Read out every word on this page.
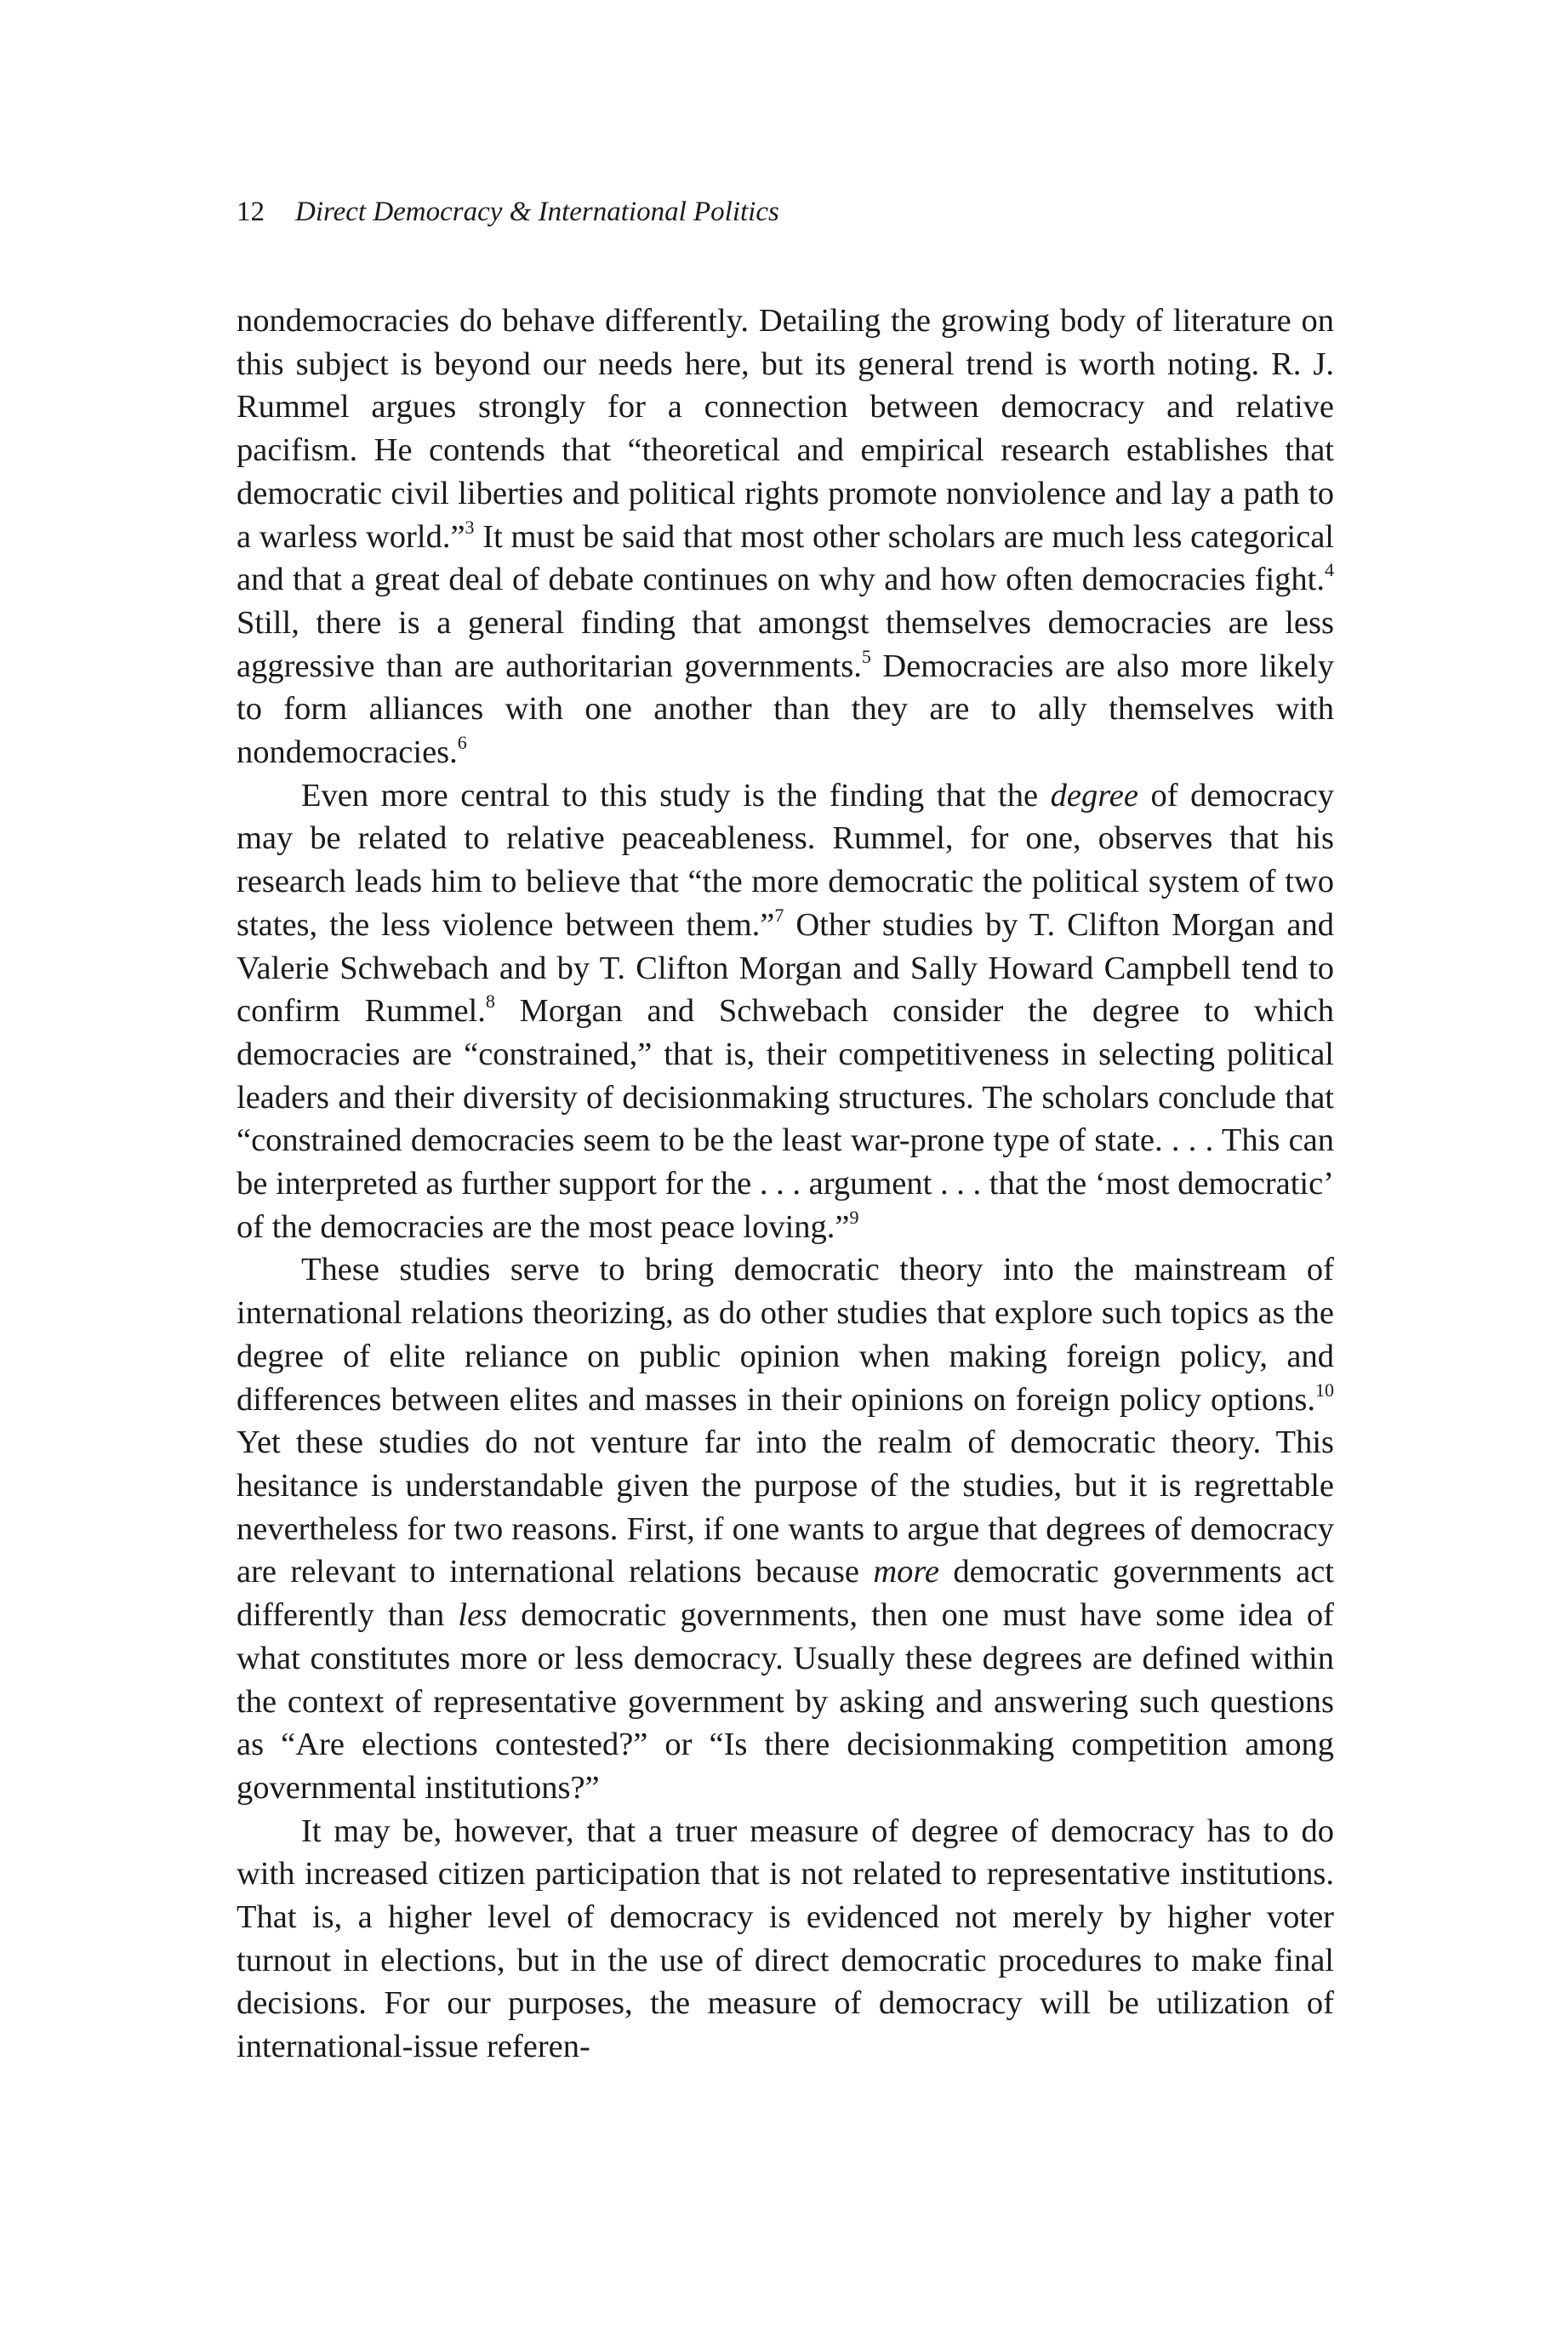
12 Direct Democracy & International Politics

nondemocracies do behave differently. Detailing the growing body of literature on this subject is beyond our needs here, but its general trend is worth noting. R. J. Rummel argues strongly for a connection between democracy and relative pacifism. He contends that “theoretical and empirical research establishes that democratic civil liberties and political rights promote nonviolence and lay a path to a warless world.”$^3$ It must be said that most other scholars are much less categorical and that a great deal of debate continues on why and how often democracies fight.$^4$ Still, there is a general finding that amongst themselves democracies are less aggressive than are authoritarian governments.$^5$ Democracies are also more likely to form alliances with one another than they are to ally themselves with nondemocracies.$^6$

Even more central to this study is the finding that the degree of democracy may be related to relative peaceableness. Rummel, for one, observes that his research leads him to believe that “the more democratic the political system of two states, the less violence between them.”$^7$ Other studies by T. Clifton Morgan and Valerie Schwebach and by T. Clifton Morgan and Sally Howard Campbell tend to confirm Rummel.$^8$ Morgan and Schwebach consider the degree to which democracies are “constrained,” that is, their competitiveness in selecting political leaders and their diversity of decisionmaking structures. The scholars conclude that “constrained democracies seem to be the least war-prone type of state. . . . This can be interpreted as further support for the . . . argument . . . that the ‘most democratic’ of the democracies are the most peace loving.”$^9$

These studies serve to bring democratic theory into the mainstream of international relations theorizing, as do other studies that explore such topics as the degree of elite reliance on public opinion when making foreign policy, and differences between elites and masses in their opinions on foreign policy options.$^{10}$ Yet these studies do not venture far into the realm of democratic theory. This hesitance is understandable given the purpose of the studies, but it is regrettable nevertheless for two reasons. First, if one wants to argue that degrees of democracy are relevant to international relations because more democratic governments act differently than less democratic governments, then one must have some idea of what constitutes more or less democracy. Usually these degrees are defined within the context of representative government by asking and answering such questions as “Are elections contested?” or “Is there decisionmaking competition among governmental institutions?”

It may be, however, that a truer measure of degree of democracy has to do with increased citizen participation that is not related to representative institutions. That is, a higher level of democracy is evidenced not merely by higher voter turnout in elections, but in the use of direct democratic procedures to make final decisions. For our purposes, the measure of democracy will be utilization of international-issue referen-
